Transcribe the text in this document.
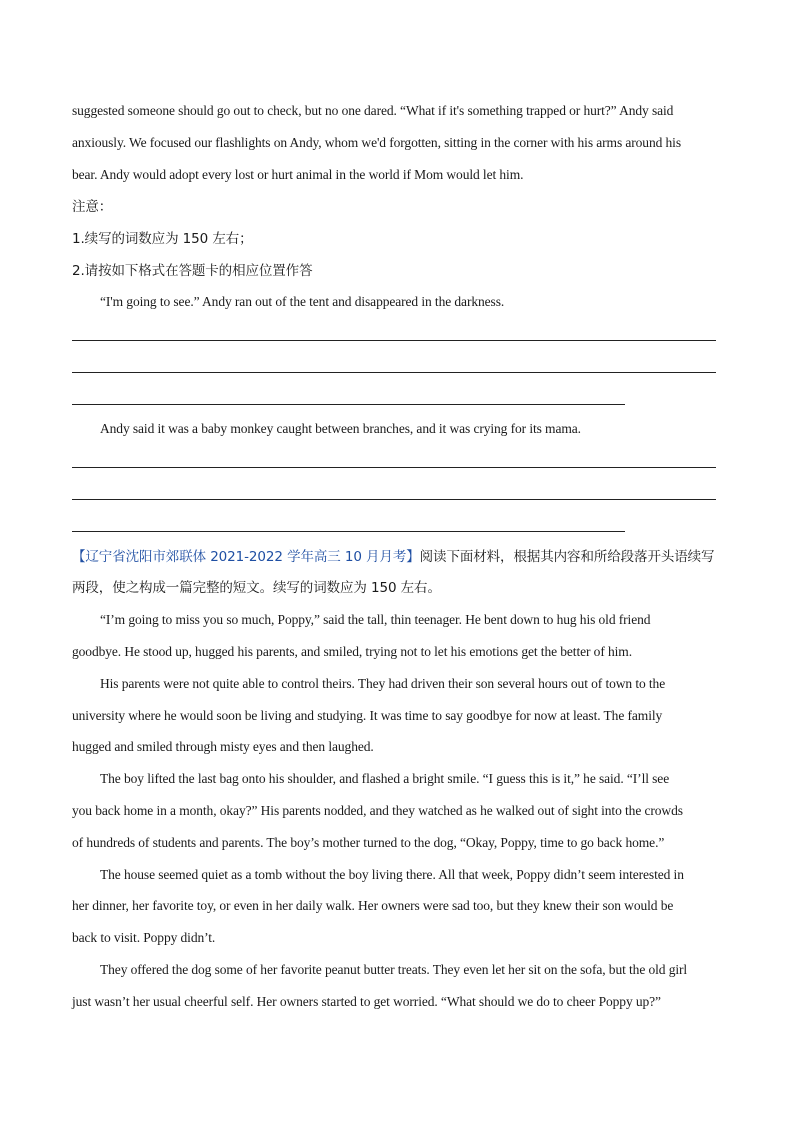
suggested someone should go out to check, but no one dared. “What if it's something trapped or hurt?” Andy said
anxiously. We focused our flashlights on Andy, whom we'd forgotten, sitting in the corner with his arms around his
bear. Andy would adopt every lost or hurt animal in the world if Mom would let him.
注意：
1.续写的词数应为 150 左右；
2.请按如下格式在答题卡的相应位置作答
“I'm going to see.” Andy ran out of the tent and disappeared in the darkness.
Andy said it was a baby monkey caught between branches, and it was crying for its mama.
【辽宁省沈阳市郊联体 2021-2022 学年高三 10 月月考】阅读下面材料，根据其内容和所给段落开头语续写
两段，使之构成一篇完整的短文。续写的词数应为 150 左右。
“I’m going to miss you so much, Poppy,” said the tall, thin teenager. He bent down to hug his old friend
goodbye. He stood up, hugged his parents, and smiled, trying not to let his emotions get the better of him.
His parents were not quite able to control theirs. They had driven their son several hours out of town to the
university where he would soon be living and studying. It was time to say goodbye for now at least. The family
hugged and smiled through misty eyes and then laughed.
The boy lifted the last bag onto his shoulder, and flashed a bright smile. “I guess this is it,” he said. “I’ll see
you back home in a month, okay?” His parents nodded, and they watched as he walked out of sight into the crowds
of hundreds of students and parents. The boy’s mother turned to the dog, “Okay, Poppy, time to go back home.”
The house seemed quiet as a tomb without the boy living there. All that week, Poppy didn’t seem interested in
her dinner, her favorite toy, or even in her daily walk. Her owners were sad too, but they knew their son would be
back to visit. Poppy didn’t.
They offered the dog some of her favorite peanut butter treats. They even let her sit on the sofa, but the old girl
just wasn’t her usual cheerful self. Her owners started to get worried. “What should we do to cheer Poppy up?”
